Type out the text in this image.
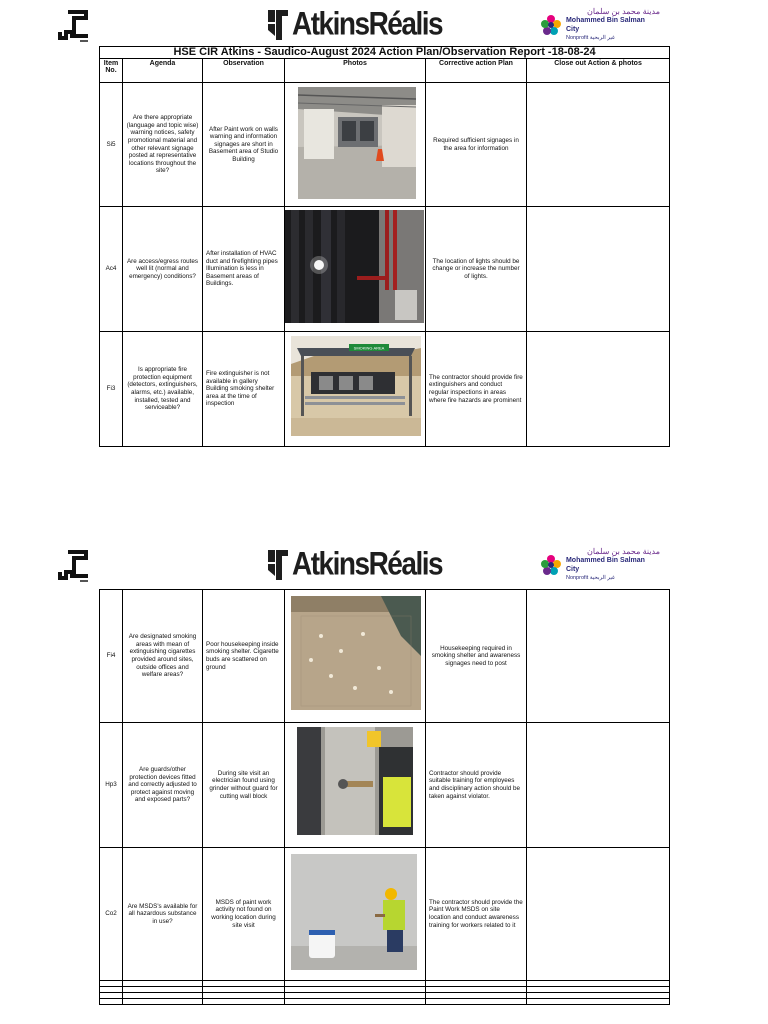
AtkinsRéalis	مدينة محمد بن سلمان
Mohammed Bin Salman City
Nonprofit غير الربحية
HSE CIR Atkins - Saudico-August 2024 Action Plan/Observation Report -18-08-24					
Item No.	Agenda	Observation	Photos	Corrective action Plan	Close out Action & photos
Si5	Are there appropriate (language and topic wise) warning notices, safety promotional material and other relevant signage posted at representative locations throughout the site?	After Paint work on walls warning and information signages are short in Basement area of Studio Building		Required sufficient signages in the area for information	
Ac4	Are access/egress routes well lit (normal and emergency) conditions?	After installation of HVAC duct and firefighting pipes Illumination is less in Basement areas of Buildings.		The location of lights should be change or increase the number of lights.	
Fi3	Is appropriate fire protection equipment (detectors, extinguishers, alarms, etc.) available, installed, tested and serviceable?	Fire extinguisher is not available in gallery Building smoking shelter area at the time of inspection	SMOKING AREA	The contractor should provide fire extinguishers and conduct regular inspections in areas where fire hazards are prominent	
AtkinsRéalis	مدينة محمد بن سلمان
Mohammed Bin Salman City
Nonprofit غير الربحية
Fi4	Are designated smoking areas with mean of extinguishing cigarettes provided around sites, outside offices and welfare areas?	Poor housekeeping inside smoking shelter. Cigarette buds are scattered on ground		Housekeeping required in smoking shelter and awareness signages need to post	
Hp3	Are guards/other protection devices fitted and correctly adjusted to protect against moving and exposed parts?	During site visit an electrician found using grinder without guard for cutting wall block		Contractor should provide suitable training for employees and disciplinary action should be taken against violator.	
Co2	Are MSDS's available for all hazardous substance in use?	MSDS of paint work activity not found on working location during site visit		The contractor should provide the Paint Work MSDS on site location and conduct awareness training for workers related to it	
